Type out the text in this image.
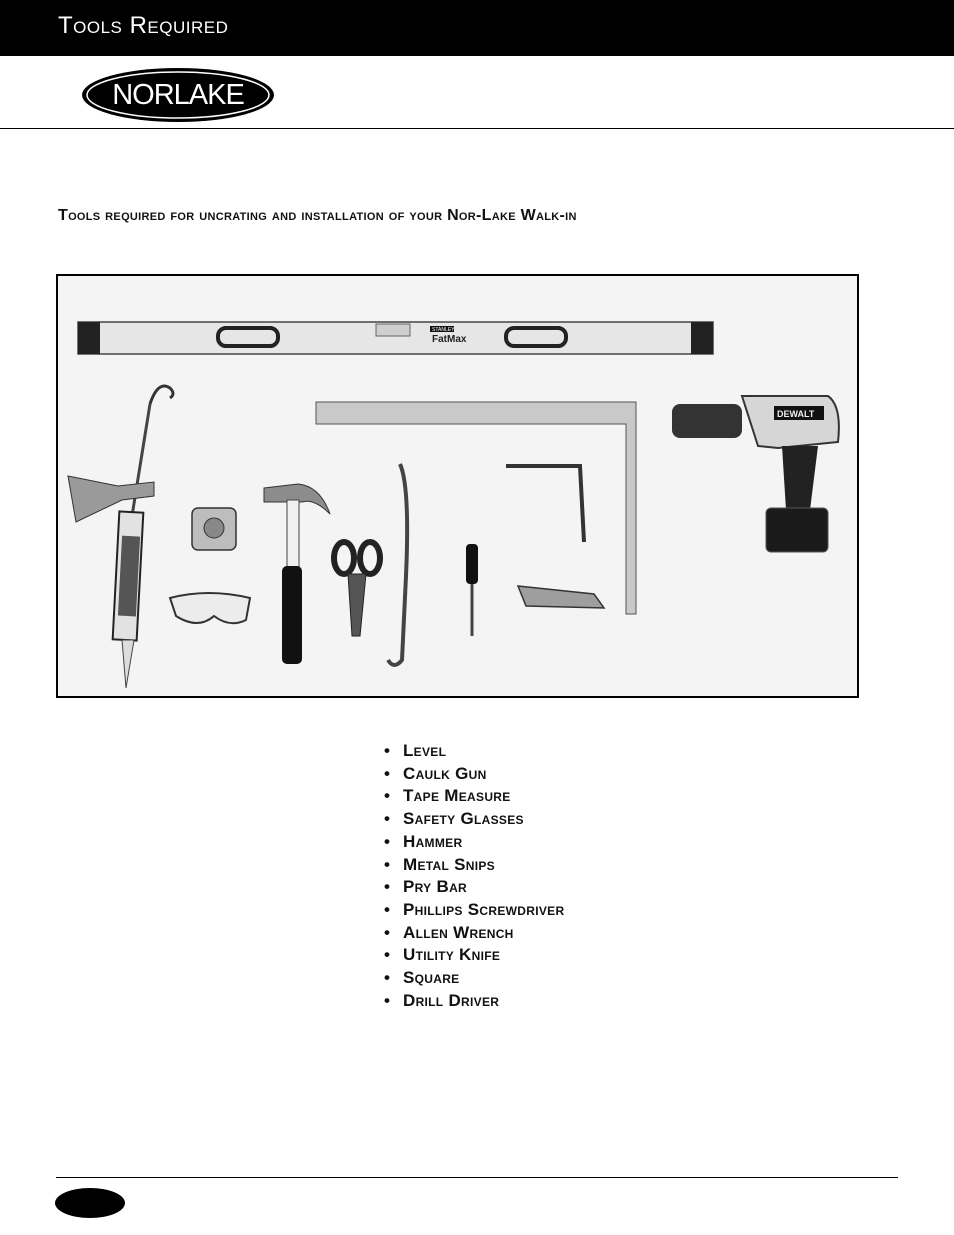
Tools Required
NORLAKE
Tools required for uncrating and installation of your Nor-Lake Walk-in
STANLEY
FatMax
DEWALT
• Level
• Caulk Gun
• Tape Measure
• Safety Glasses
• Hammer
• Metal Snips
• Pry Bar
• Phillips Screwdriver
• Allen Wrench
• Utility Knife
• Square
• Drill Driver
